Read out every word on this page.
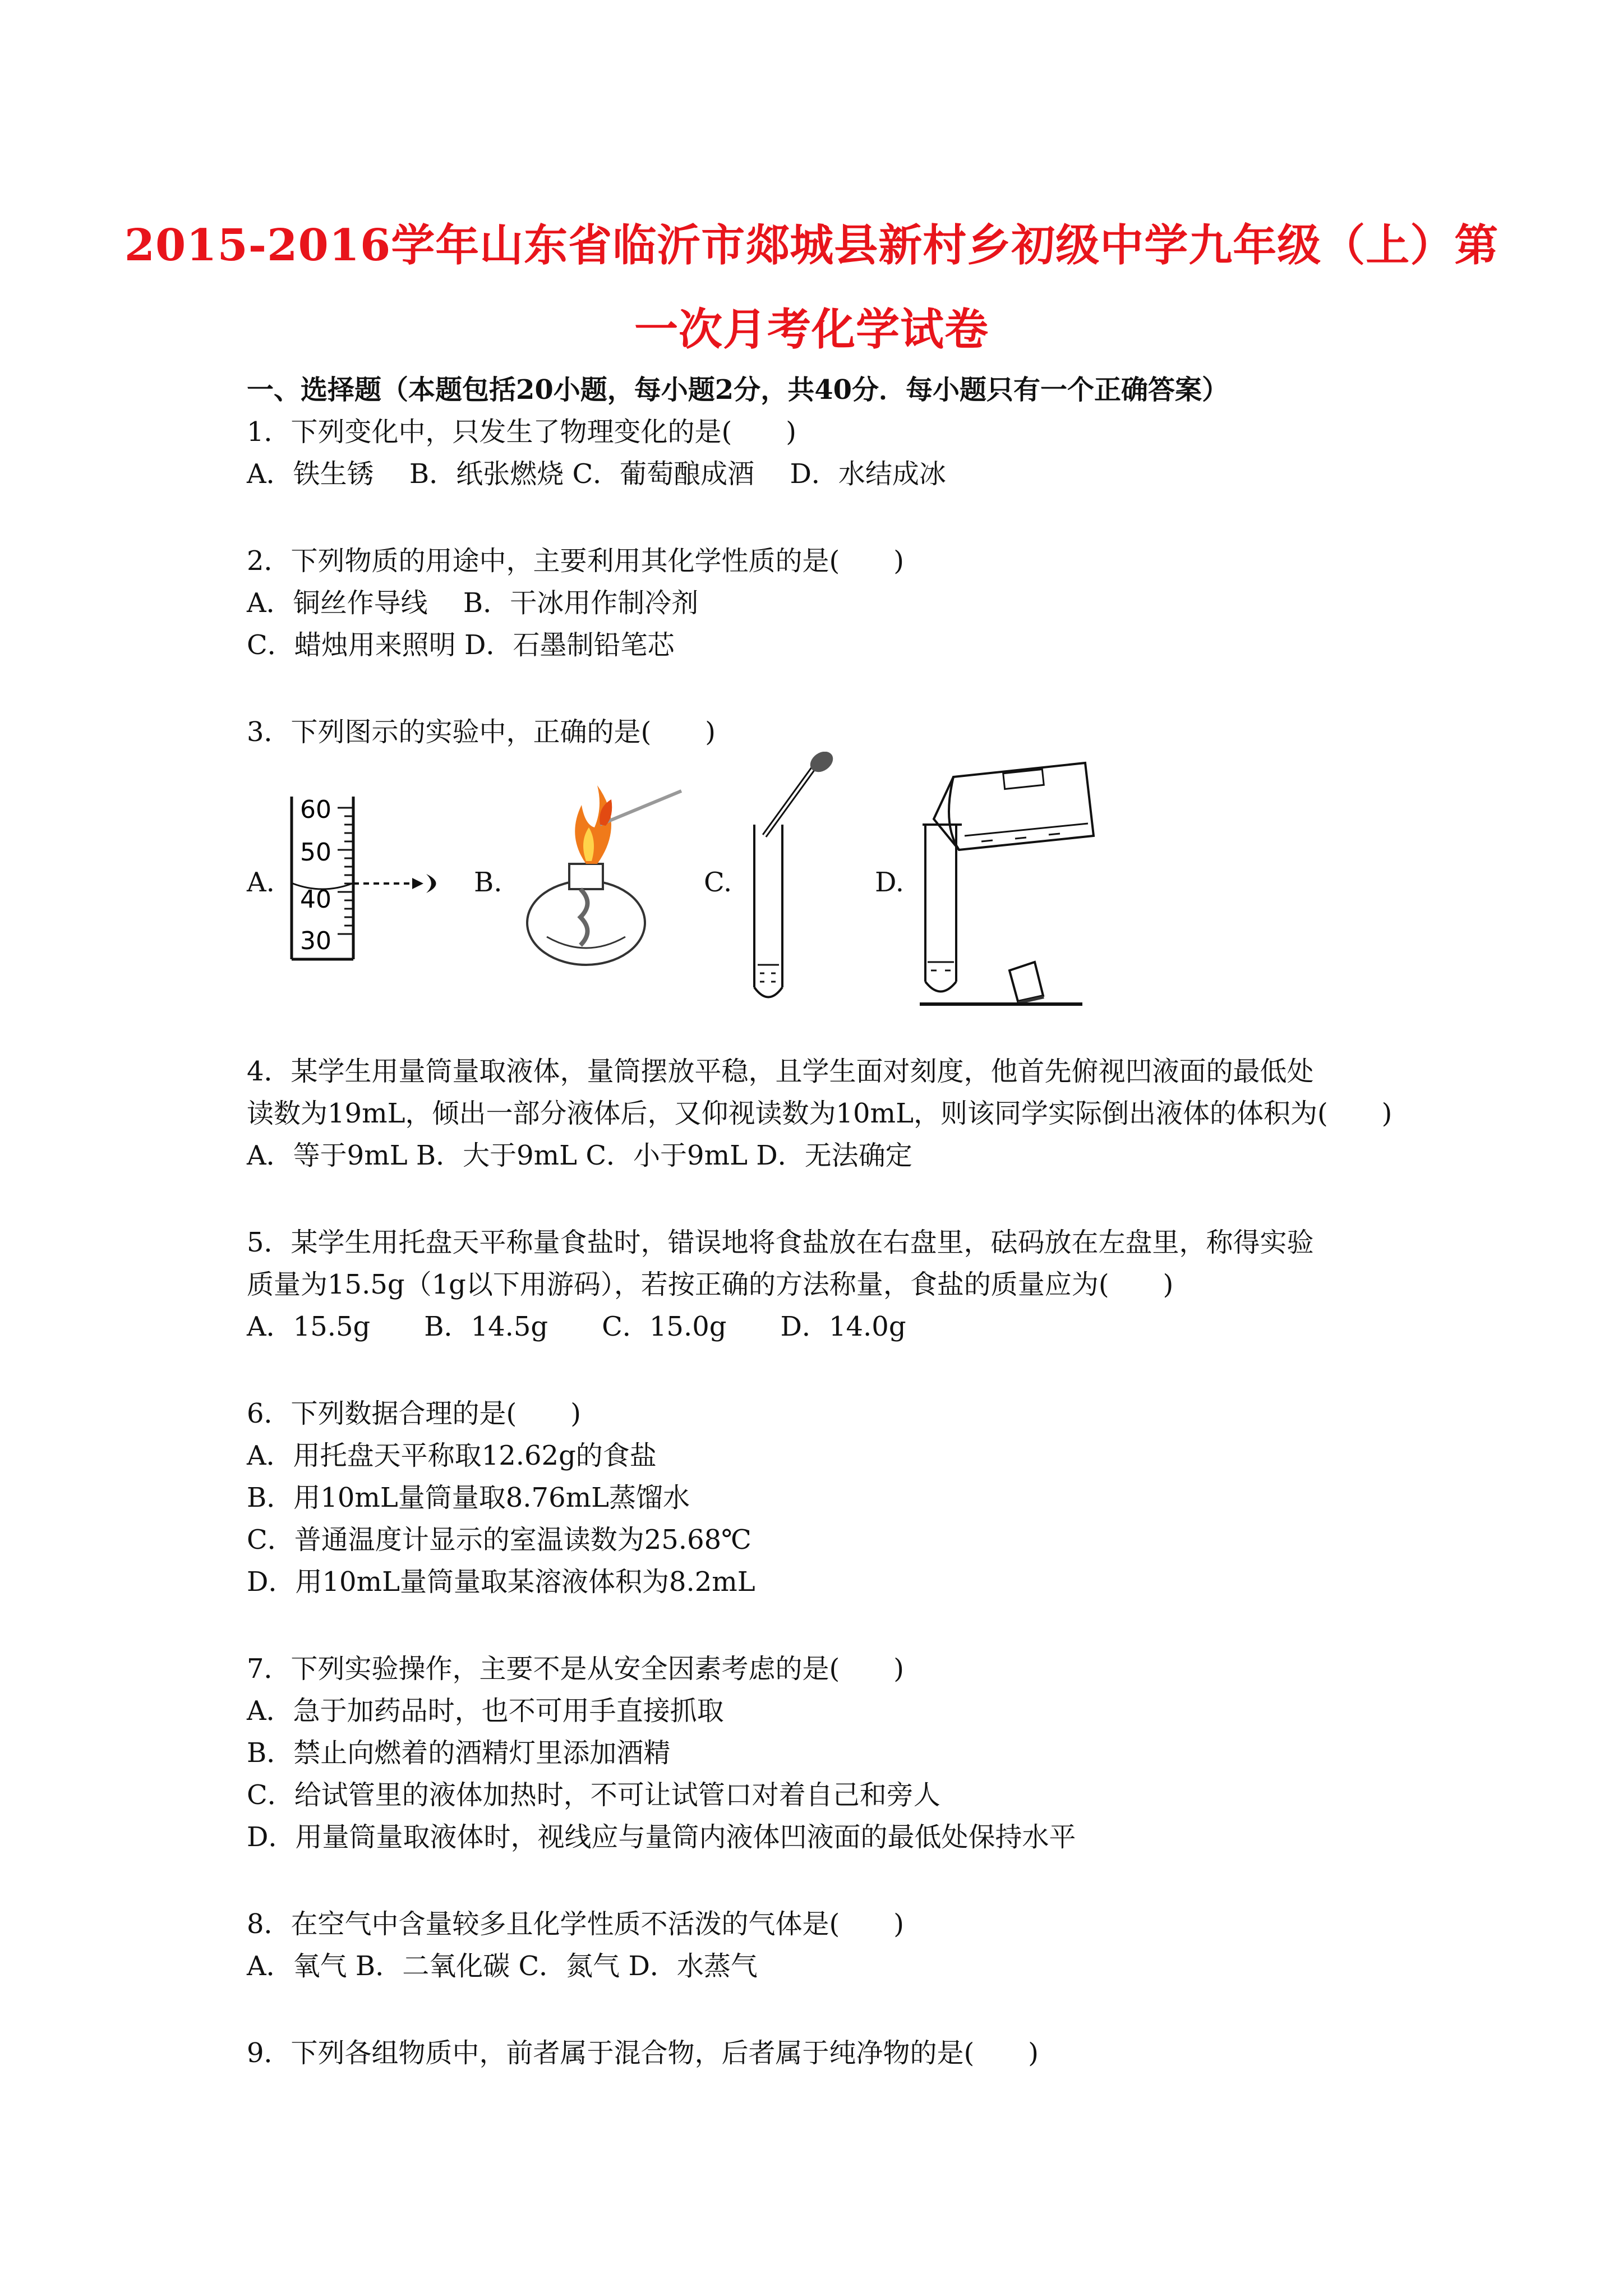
2015-2016学年山东省临沂市郯城县新村乡初级中学九年级（上）第
一次月考化学试卷
一、选择题（本题包括20小题，每小题2分，共40分．每小题只有一个正确答案）
1．下列变化中，只发生了物理变化的是(　　)
A．铁生锈　 B．纸张燃烧 C．葡萄酿成酒　 D．水结成冰
2．下列物质的用途中，主要利用其化学性质的是(　　)
A．铜丝作导线　 B．干冰用作制冷剂
C．蜡烛用来照明 D．石墨制铅笔芯
3．下列图示的实验中，正确的是(　　)
A.	B.	C.	D.
60
50
40
30
4．某学生用量筒量取液体，量筒摆放平稳，且学生面对刻度，他首先俯视凹液面的最低处
读数为19mL，倾出一部分液体后，又仰视读数为10mL，则该同学实际倒出液体的体积为(　　)
A．等于9mL B．大于9mL C．小于9mL D．无法确定
5．某学生用托盘天平称量食盐时，错误地将食盐放在右盘里，砝码放在左盘里，称得实验
质量为15.5g（1g以下用游码），若按正确的方法称量，食盐的质量应为(　　)
A．15.5g　　B．14.5g　　C．15.0g　　D．14.0g
6．下列数据合理的是(　　)
A．用托盘天平称取12.62g的食盐
B．用10mL量筒量取8.76mL蒸馏水
C．普通温度计显示的室温读数为25.68℃
D．用10mL量筒量取某溶液体积为8.2mL
7．下列实验操作，主要不是从安全因素考虑的是(　　)
A．急于加药品时，也不可用手直接抓取
B．禁止向燃着的酒精灯里添加酒精
C．给试管里的液体加热时，不可让试管口对着自己和旁人
D．用量筒量取液体时，视线应与量筒内液体凹液面的最低处保持水平
8．在空气中含量较多且化学性质不活泼的气体是(　　)
A．氧气 B．二氧化碳 C．氮气 D．水蒸气
9．下列各组物质中，前者属于混合物，后者属于纯净物的是(　　)
